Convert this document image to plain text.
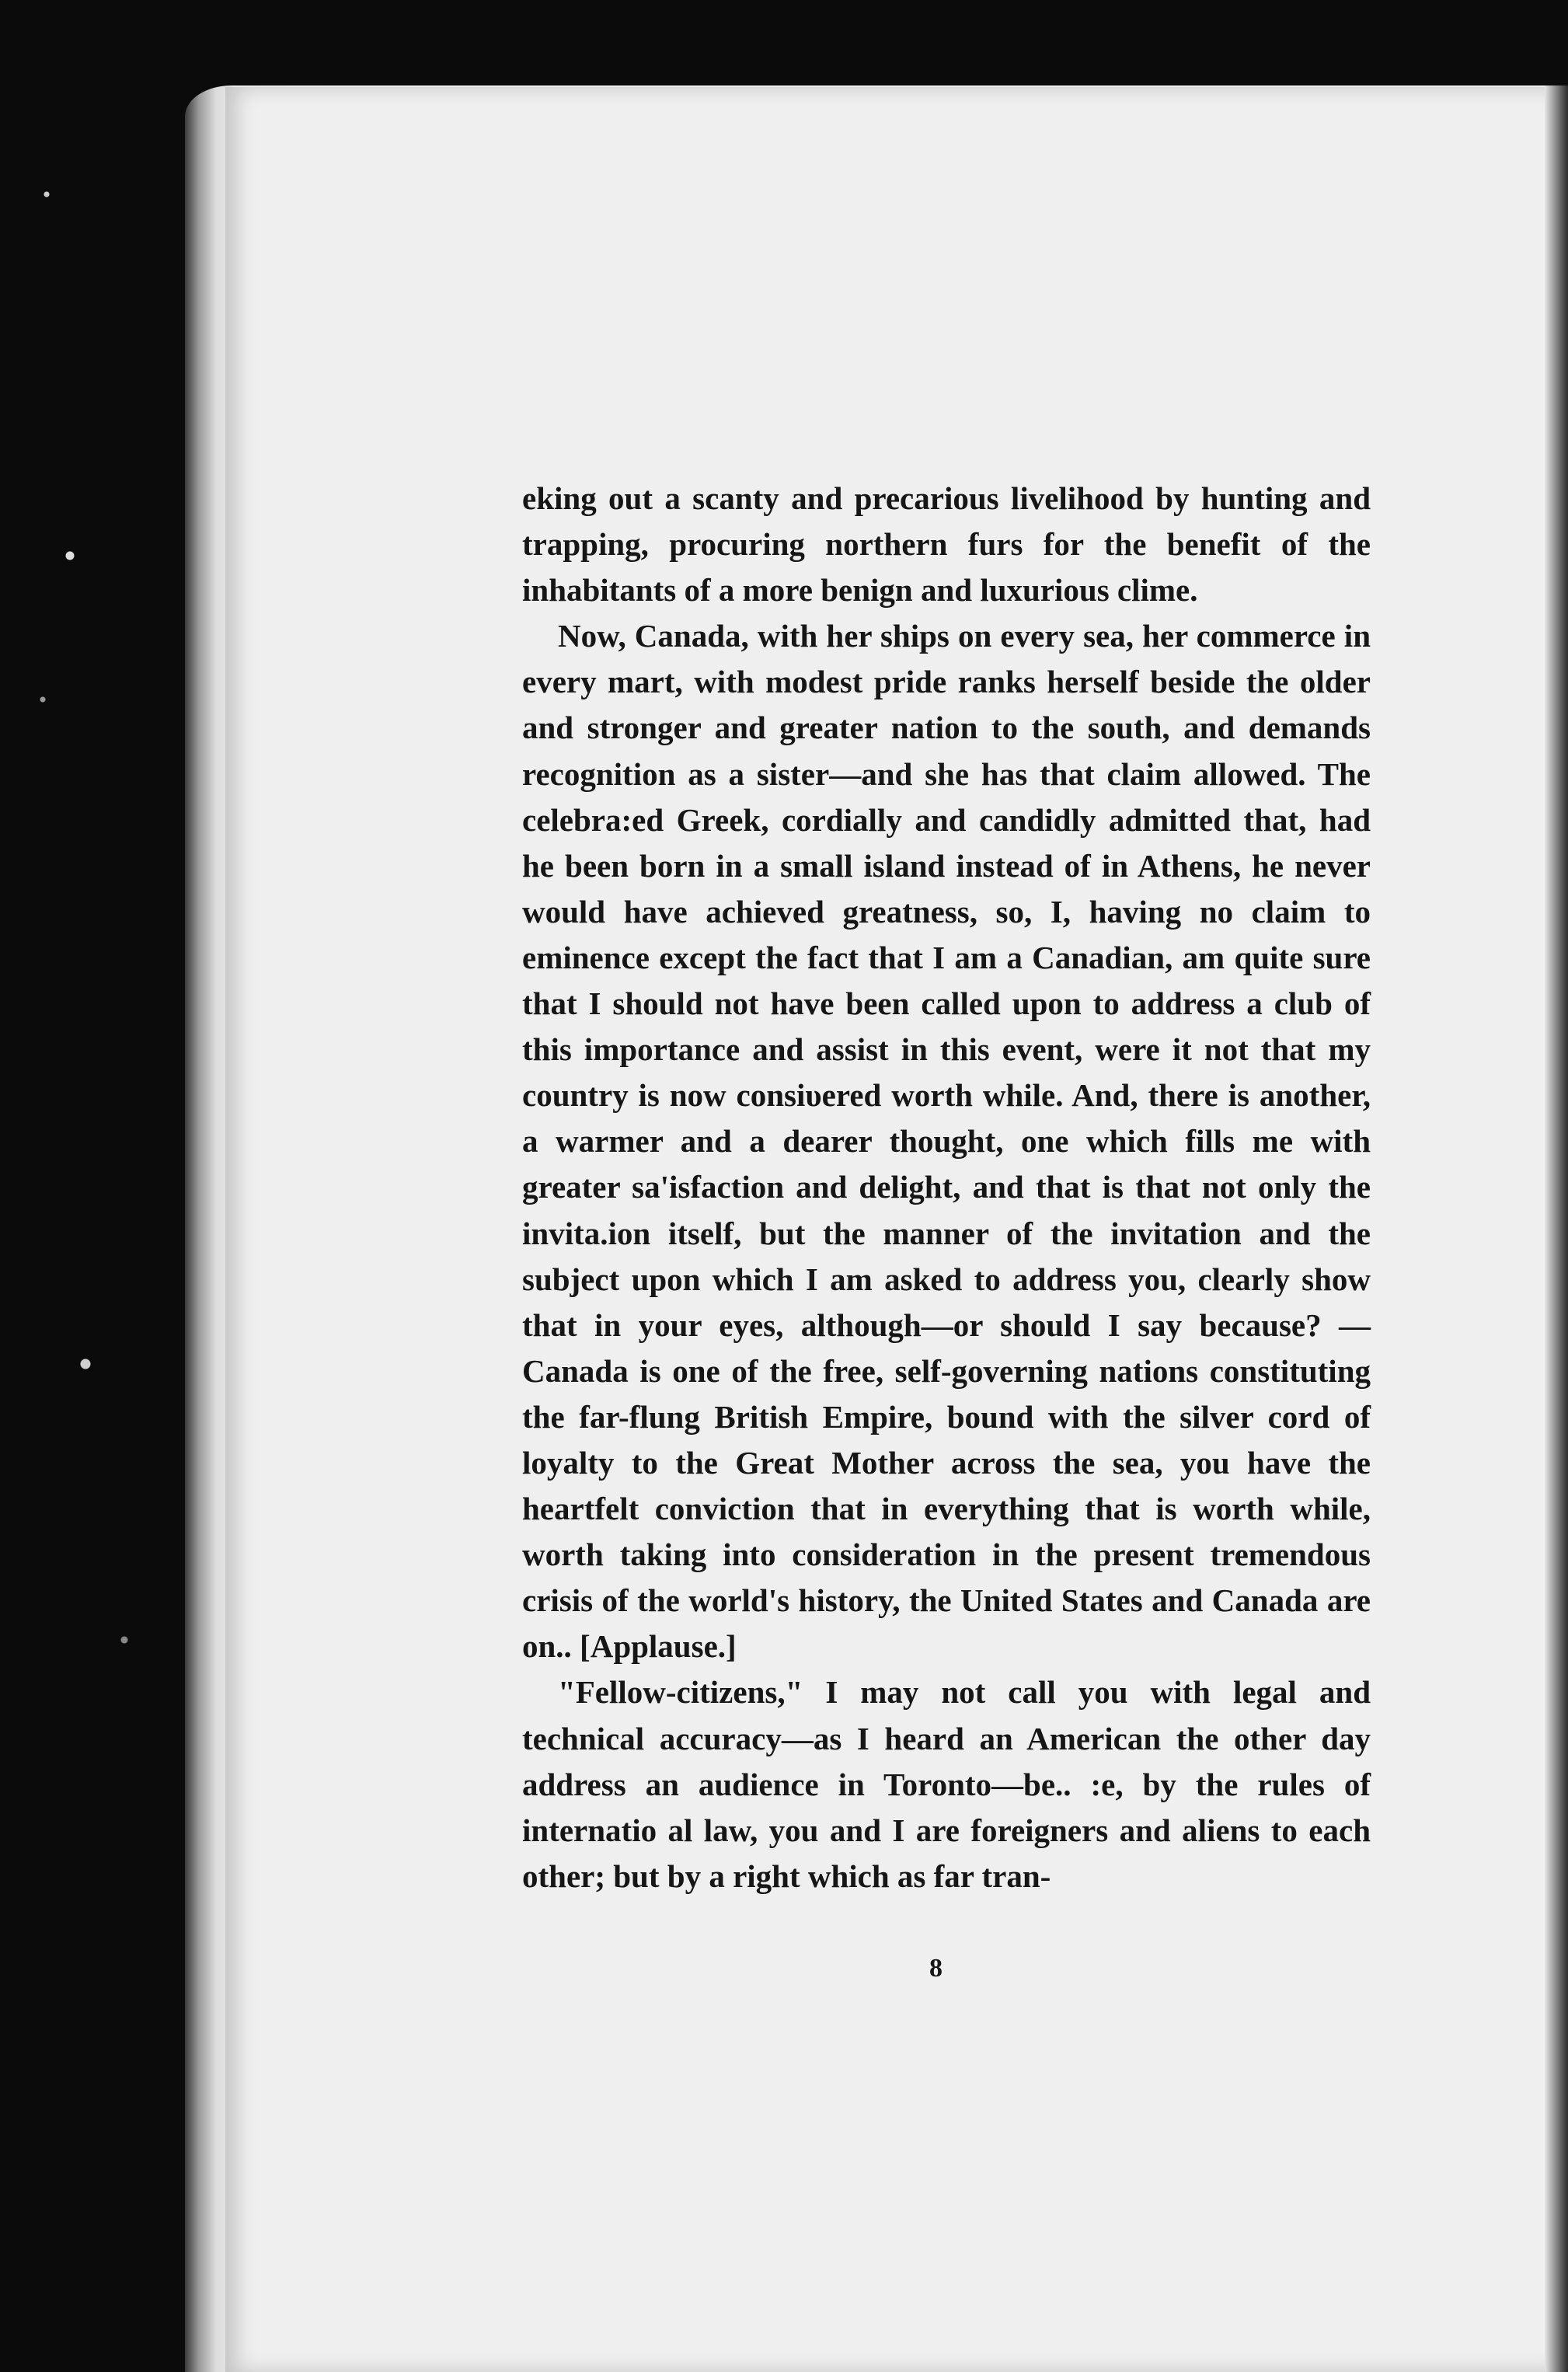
eking out a scanty and precarious livelihood by hunting and trapping, procuring northern furs for the benefit of the inhabitants of a more benign and luxurious clime.

Now, Canada, with her ships on every sea, her commerce in every mart, with modest pride ranks herself beside the older and stronger and greater nation to the south, and demands recognition as a sister—and she has that claim allowed. The celebra:ed Greek, cordially and candidly admitted that, had he been born in a small island instead of in Athens, he never would have achieved greatness, so, I, having no claim to eminence except the fact that I am a Canadian, am quite sure that I should not have been called upon to address a club of this importance and assist in this event, were it not that my country is now consiυered worth while. And, there is another, a warmer and a dearer thought, one which fills me with greater sa'isfaction and delight, and that is that not only the invita.ion itself, but the manner of the invitation and the subject upon which I am asked to address you, clearly show that in your eyes, although—or should I say because? —Canada is one of the free, self-governing nations constituting the far-flung British Empire, bound with the silver cord of loyalty to the Great Mother across the sea, you have the heartfelt conviction that in everything that is worth while, worth taking into consideration in the present tremendous crisis of the world's history, the United States and Canada are on.. [Applause.]

"Fellow-citizens," I may not call you with legal and technical accuracy—as I heard an American the other day address an audience in Toronto—be.. :e, by the rules of internatio al law, you and I are foreigners and aliens to each other; but by a right which as far tran-

8
